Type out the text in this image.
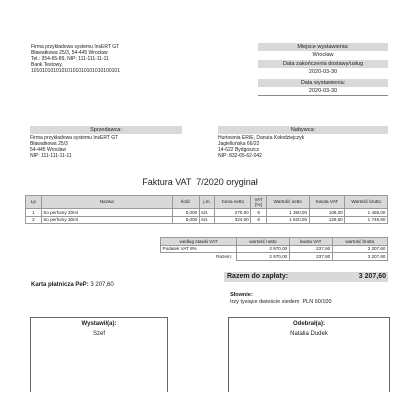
Firma przykładowa systemu InsERT GT
Bławatkowa 25/3, 54-445 Wrocław
Tel.: 354-65-89, NIP: 111-111-11-11
Bank Testowy,
10101010101010101010101010100101
Miejsce wystawienia:
Wrocław
Data zakończenia dostawy/usług
2020-03-30
Data wystawienia:
2020-03-30
Sprzedawca:
Firma przykładowa systemu InsERT GT
Bławatkowa 25/3
54-445 Wrocław
NIP: 111-111-11-11
Nabywca:
Hurtownia ERIE, Danuta Kołodziejczyk
Jagiellońska 66/22
14-622 Bydgoszcz
NIP: 832-65-62-042
Faktura VAT  7/2020 oryginał
Lp	Nazwa	Ilość	j.m.	Cena netto	VAT [%]	Wartość netto	Kwota VAT	Wartość brutto
1	So perfumy 20ml	5,000	szt.	270,00	8	1 350,00	108,00	1 458,00
2	So perfumy 30ml	5,000	szt.	324,00	8	1 620,00	129,60	1 749,60
według stawki VAT	wartość netto	kwota VAT	wartość brutto
Podatek VAT 8%	2 970,00	237,60	3 207,60
Razem:	2 970,00	237,60	3 207,60
Karta płatnicza PeP: 3 207,60
Razem do zapłaty:	3 207,60

Słownie:
trzy tysiące dwieście siedem  PLN 60/100

Wystawił(a):
Szef
Odebrał(a):
Natalia Dudek
